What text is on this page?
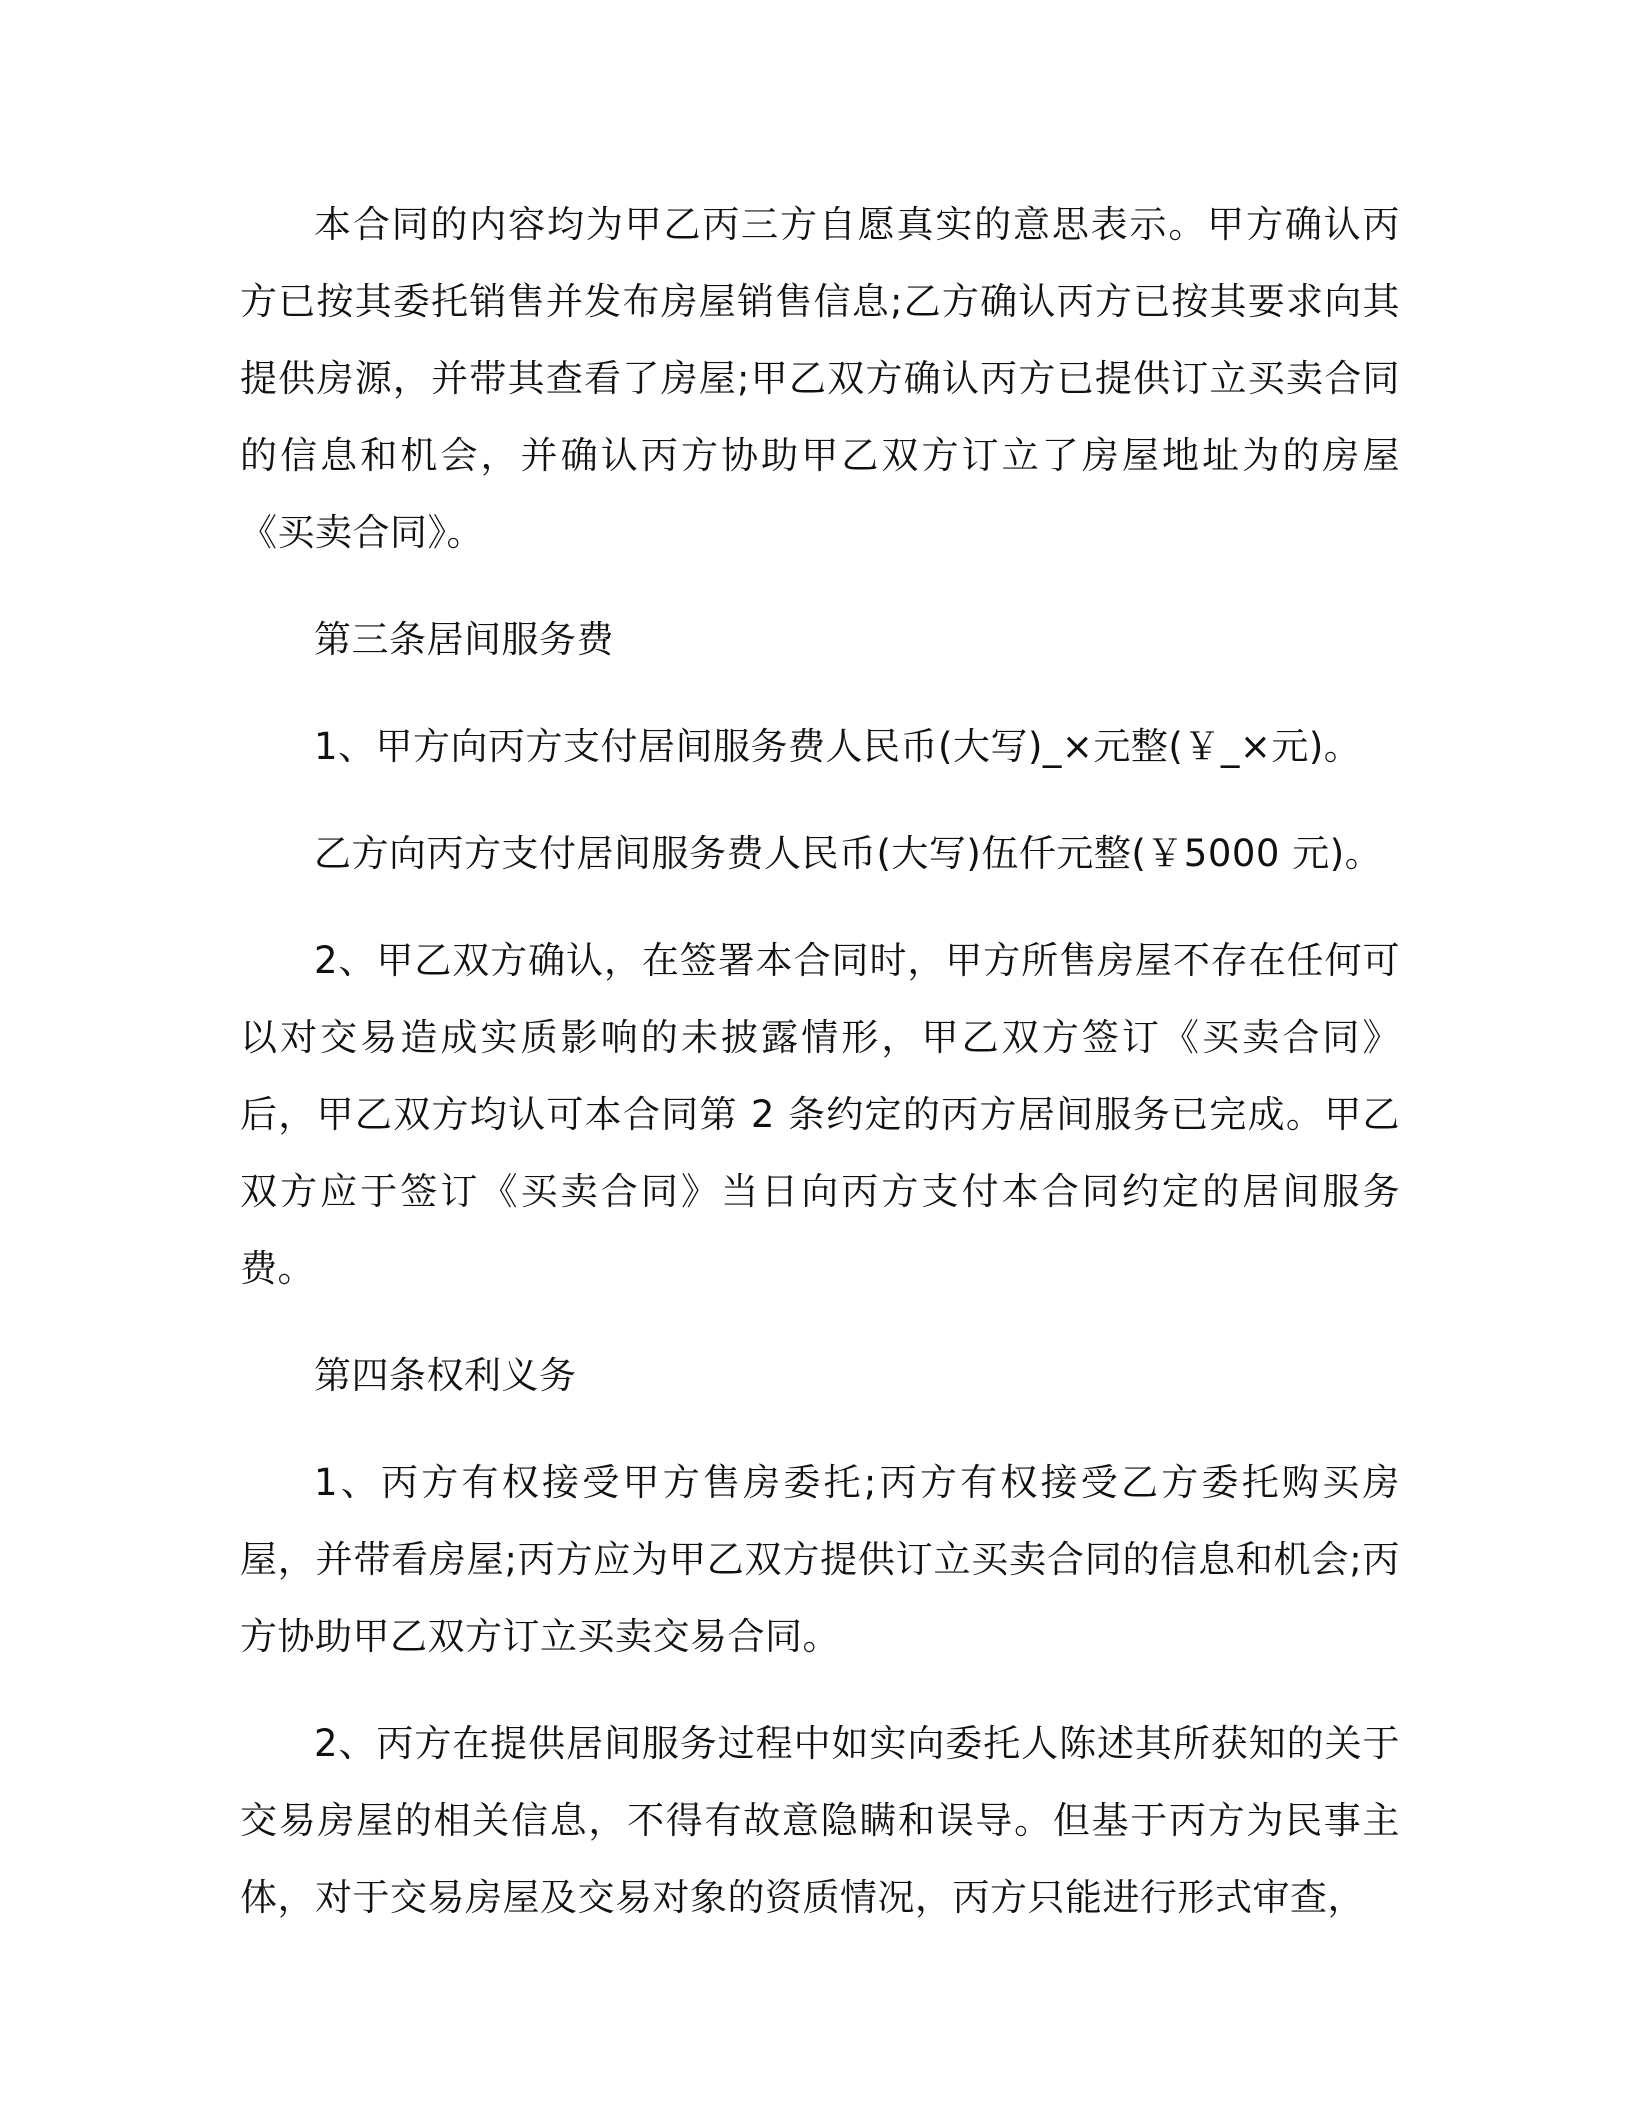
本合同的内容均为甲乙丙三方自愿真实的意思表示。甲方确认丙方已按其委托销售并发布房屋销售信息;乙方确认丙方已按其要求向其提供房源，并带其查看了房屋;甲乙双方确认丙方已提供订立买卖合同的信息和机会，并确认丙方协助甲乙双方订立了房屋地址为的房屋《买卖合同》。

第三条居间服务费

1、甲方向丙方支付居间服务费人民币(大写)_×元整(￥_×元)。

乙方向丙方支付居间服务费人民币(大写)伍仟元整(￥5000 元)。

2、甲乙双方确认，在签署本合同时，甲方所售房屋不存在任何可以对交易造成实质影响的未披露情形，甲乙双方签订《买卖合同》后，甲乙双方均认可本合同第 2 条约定的丙方居间服务已完成。甲乙双方应于签订《买卖合同》当日向丙方支付本合同约定的居间服务费。

第四条权利义务

1、丙方有权接受甲方售房委托;丙方有权接受乙方委托购买房屋，并带看房屋;丙方应为甲乙双方提供订立买卖合同的信息和机会;丙方协助甲乙双方订立买卖交易合同。

2、丙方在提供居间服务过程中如实向委托人陈述其所获知的关于交易房屋的相关信息，不得有故意隐瞒和误导。但基于丙方为民事主体，对于交易房屋及交易对象的资质情况，丙方只能进行形式审查，
